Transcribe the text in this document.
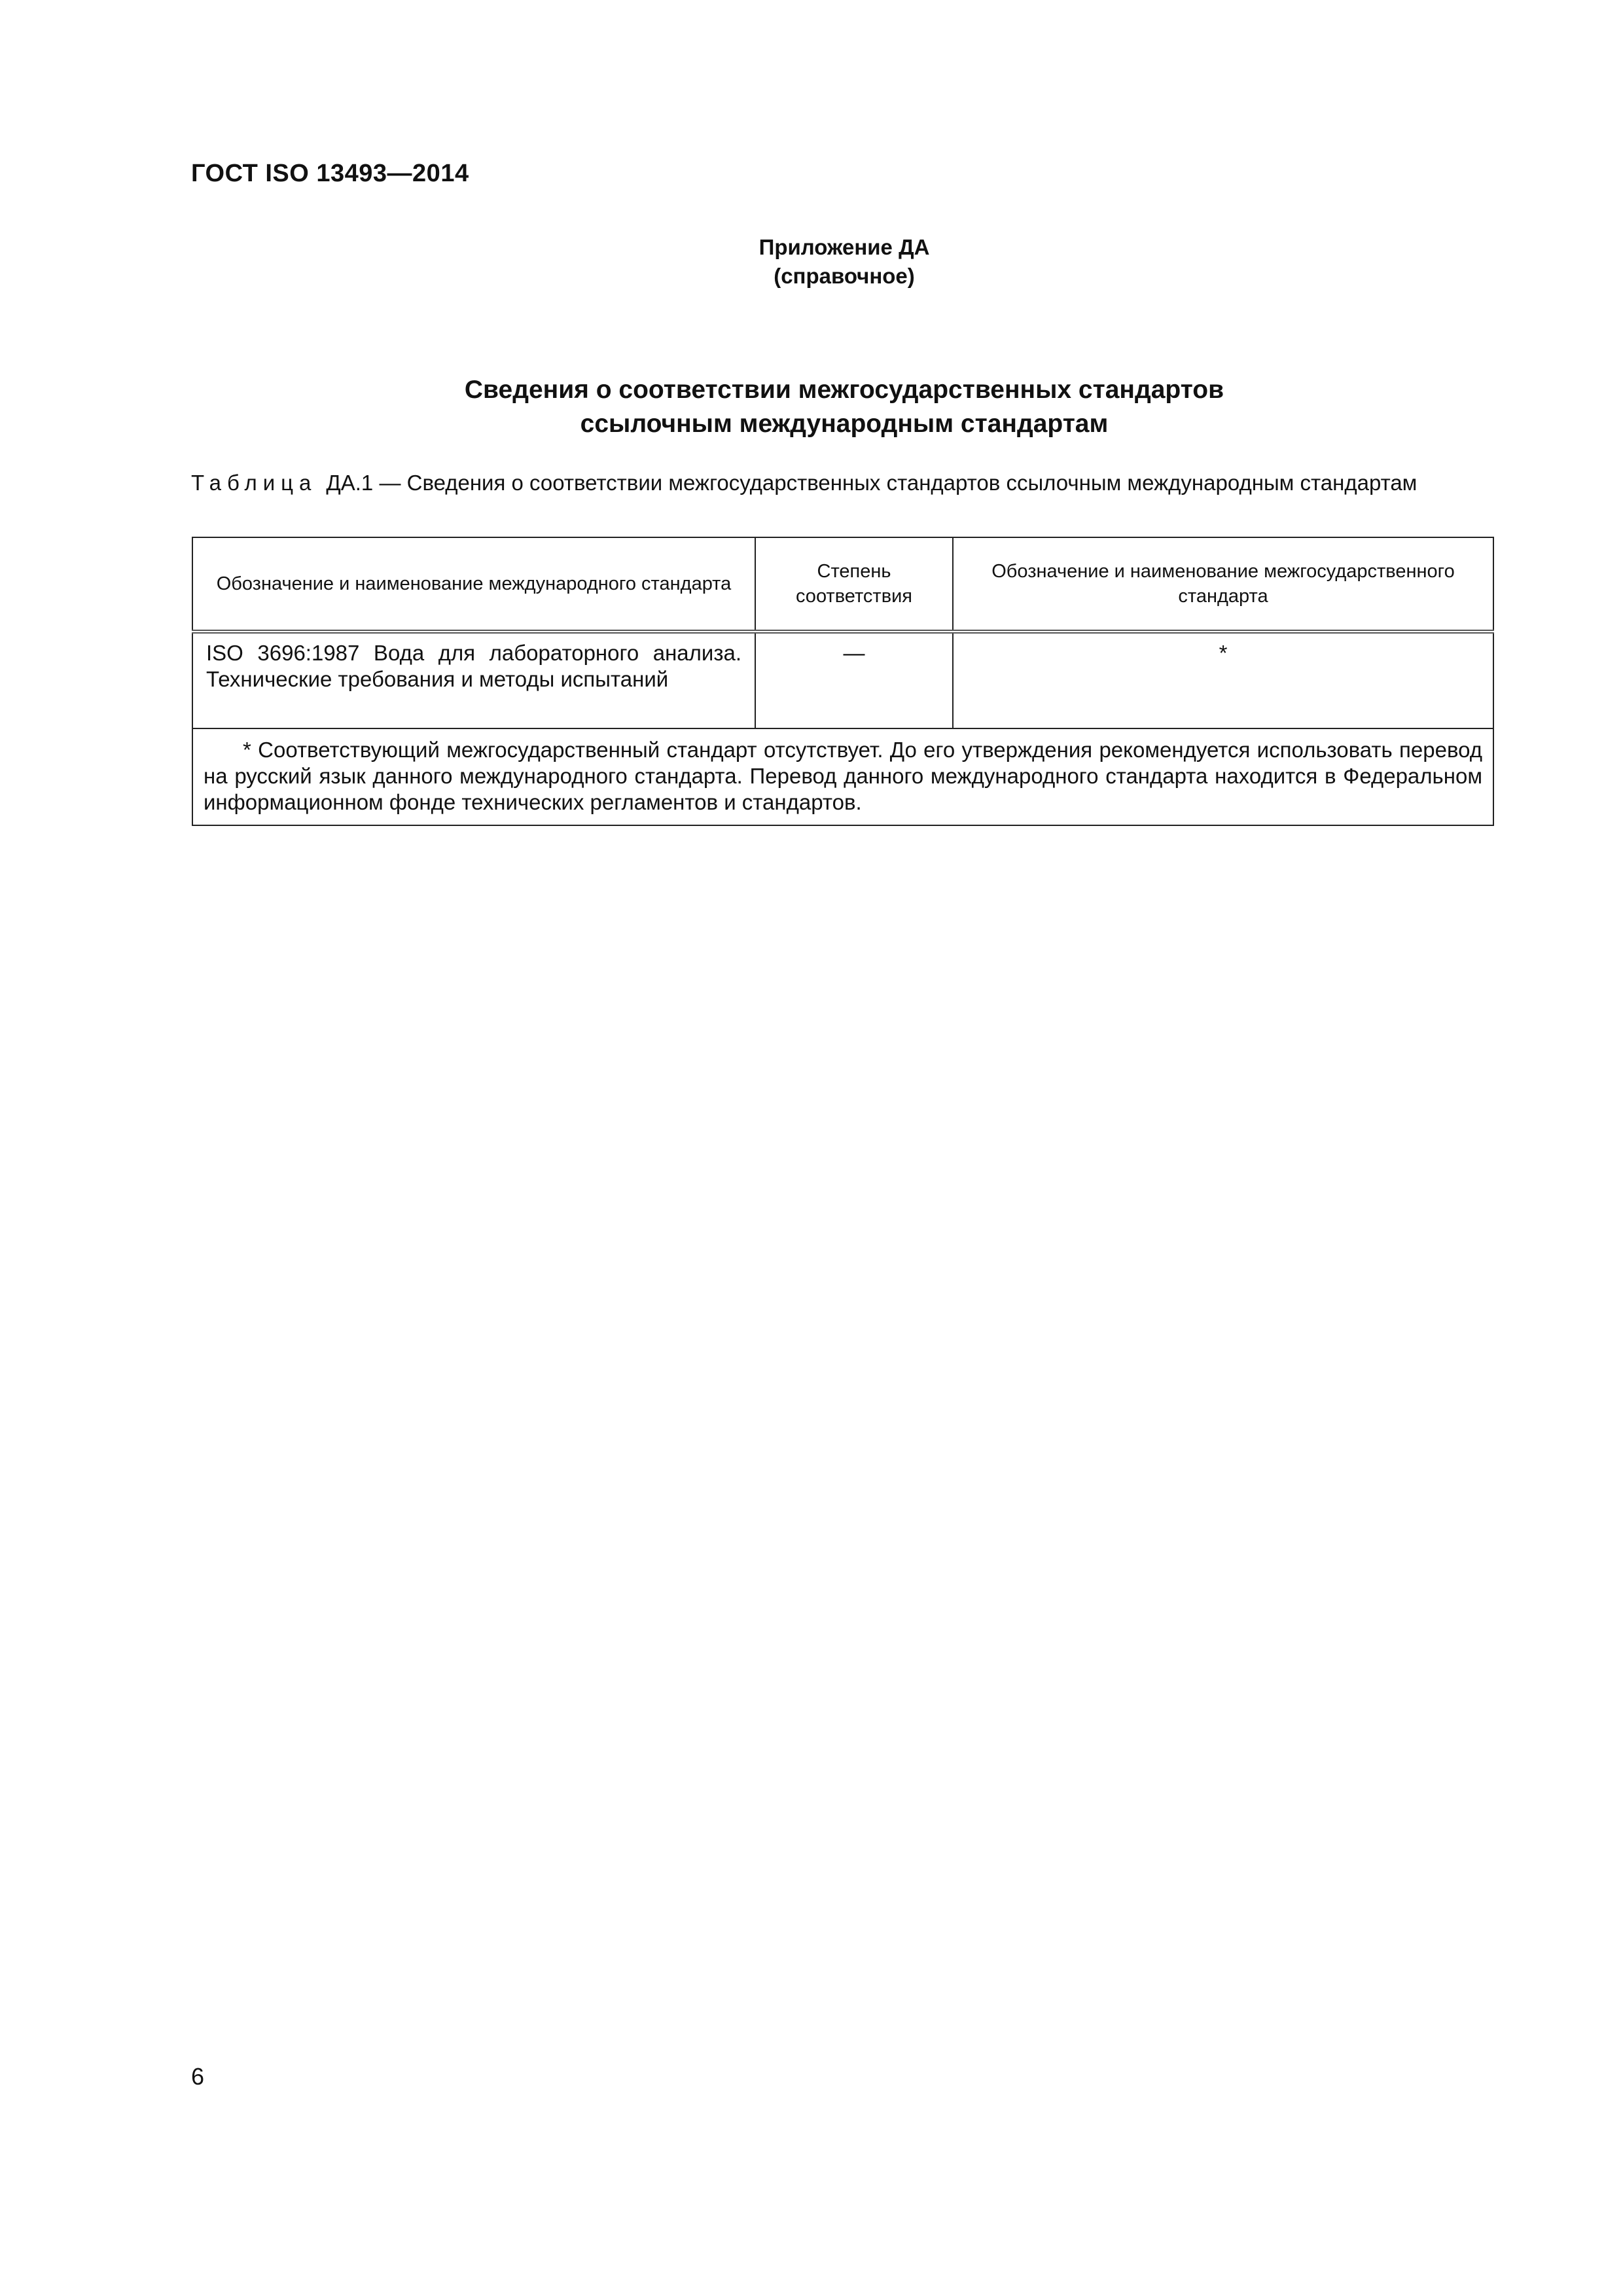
ГОСТ ISO 13493—2014
Приложение ДА
(справочное)
Сведения о соответствии межгосударственных стандартов
ссылочным международным стандартам
Таблица ДА.1 — Сведения о соответствии межгосударственных стандартов ссылочным международным стандартам
Обозначение и наименование международного стандарта	Степень соответствия	Обозначение и наименование межгосударственного стандарта
ISO 3696:1987 Вода для лабораторного анализа. Технические требования и методы испытаний	—	*
* Соответствующий межгосударственный стандарт отсутствует. До его утверждения рекомендуется использовать перевод на русский язык данного международного стандарта. Перевод данного международного стандарта находится в Федеральном информационном фонде технических регламентов и стандартов.		
6
